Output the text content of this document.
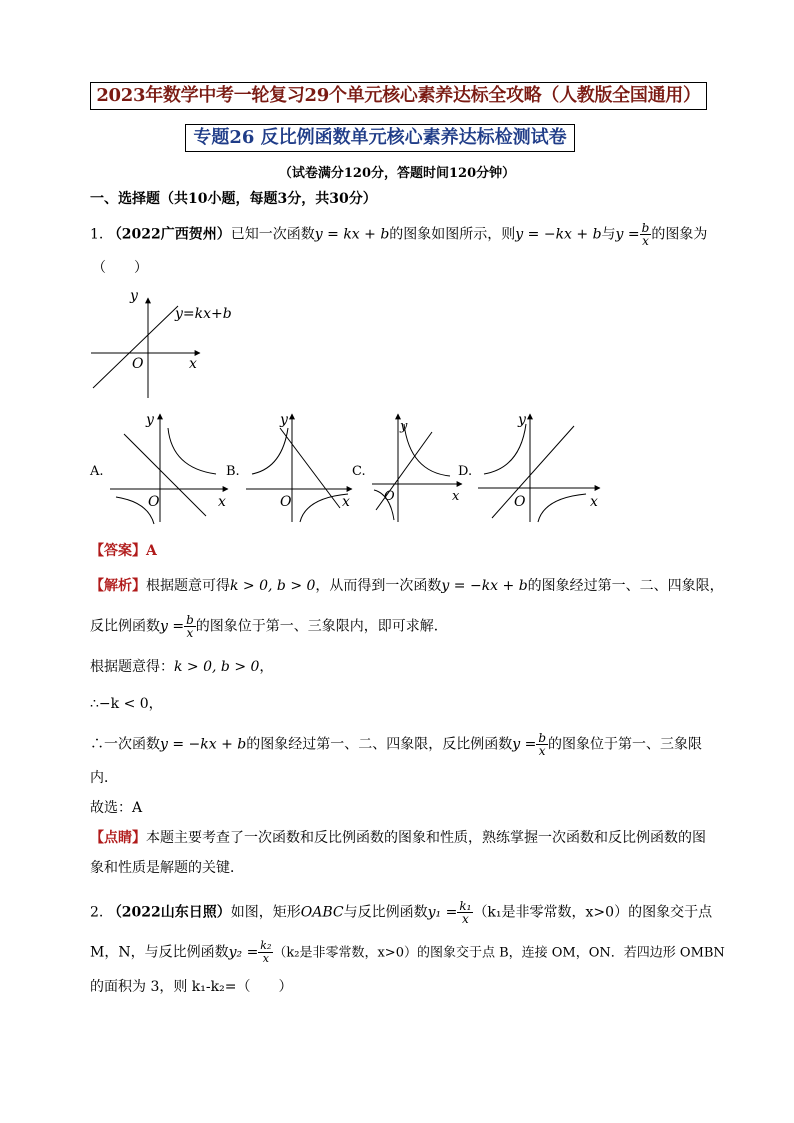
2023年数学中考一轮复习29个单元核心素养达标全攻略（人教版全国通用）
专题26 反比例函数单元核心素养达标检测试卷
（试卷满分120分，答题时间120分钟）
一、选择题（共10小题，每题3分，共30分）
1. （2022广西贺州）已知一次函数y = kx + b的图象如图所示，则y = −kx + b与$y = \frac{b}{x}$ 的图象为
（　　）
y=kx+b
y
x
O
A.
y
x
O
B.
y
x
O
C.
y
x
O
D.
y
x
O
【答案】A
【解析】根据题意可得k > 0, b > 0，从而得到一次函数y = −kx + b的图象经过第一、二、四象限，
反比例函数$y = \frac{b}{x}$ 的图象位于第一、三象限内，即可求解．
根据题意得：k > 0, b > 0，
∴−k < 0，
∴一次函数y = −kx + b的图象经过第一、二、四象限，反比例函数$y = \frac{b}{x}$ 的图象位于第一、三象限
内．
故选：A
【点睛】本题主要考查了一次函数和反比例函数的图象和性质，熟练掌握一次函数和反比例函数的图
象和性质是解题的关键．
2. （2022山东日照）如图，矩形OABC与反比例函数$y_1 = \frac{\text{k₁}}{x} (k_1$是非零常数，x>0）的图象交于点
M，N，与反比例函数$y_2 = \frac{\text{k₂}}{x} (k_2$是非零常数，x>0）的图象交于点 B，连接 OM，ON．若四边形 OMBN
的面积为 3，则 k₁-k₂=（　　）
